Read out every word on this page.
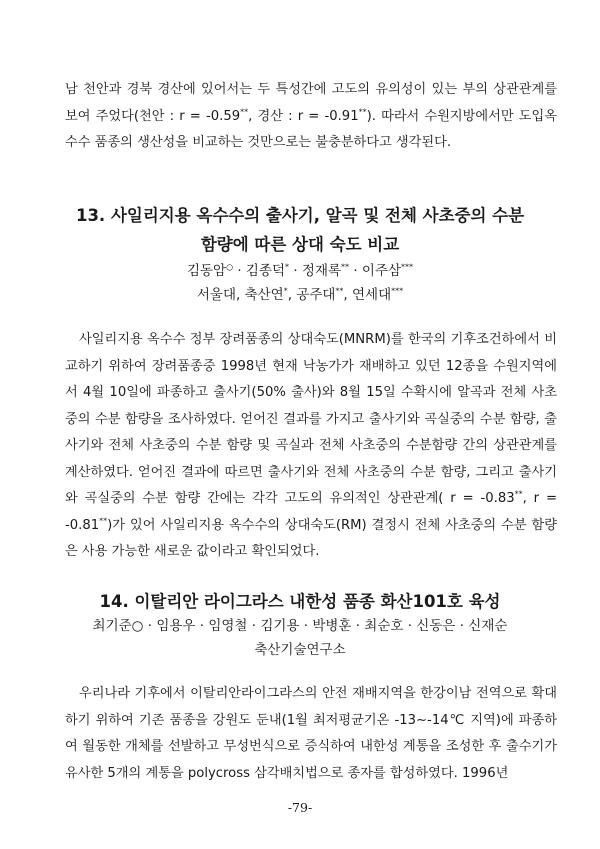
남 천안과 경북 경산에 있어서는 두 특성간에 고도의 유의성이 있는 부의 상관관계를 보여 주었다(천안 : r = -0.59**, 경산 : r = -0.91**). 따라서 수원지방에서만 도입옥수수 품종의 생산성을 비교하는 것만으로는 불충분하다고 생각된다.

13. 사일리지용 옥수수의 출사기, 알곡 및 전체 사초중의 수분
함량에 따른 상대 숙도 비교

김동암○ · 김종덕* · 정재록** · 이주삼***

서울대, 축산연*, 공주대**, 연세대***

사일리지용 옥수수 정부 장려품종의 상대숙도(MNRM)를 한국의 기후조건하에서 비교하기 위하여 장려품종중 1998년 현재 낙농가가 재배하고 있던 12종을 수원지역에서 4월 10일에 파종하고 출사기(50% 출사)와 8월 15일 수확시에 알곡과 전체 사초중의 수분 함량을 조사하였다. 얻어진 결과를 가지고 출사기와 곡실중의 수분 함량, 출사기와 전체 사초중의 수분 함량 및 곡실과 전체 사초중의 수분함량 간의 상관관계를 계산하였다. 얻어진 결과에 따르면 출사기와 전체 사초중의 수분 함량, 그리고 출사기와 곡실중의 수분 함량 간에는 각각 고도의 유의적인 상관관계( r = -0.83**, r = -0.81**)가 있어 사일리지용 옥수수의 상대숙도(RM) 결정시 전체 사초중의 수분 함량은 사용 가능한 새로운 값이라고 확인되었다.

14. 이탈리안 라이그라스 내한성 품종 화산101호 육성

최기준○ · 임용우 · 임영철 · 김기용 · 박병훈 · 최순호 · 신동은 · 신재순

축산기술연구소

우리나라 기후에서 이탈리안라이그라스의 안전 재배지역을 한강이남 전역으로 확대하기 위하여 기존 품종을 강원도 둔내(1월 최저평균기온 -13∼-14℃ 지역)에 파종하여 월동한 개체를 선발하고 무성번식으로 증식하여 내한성 계통을 조성한 후 출수기가 유사한 5개의 계통을 polycross 삼각배치법으로 종자를 합성하였다. 1996년

-79-
